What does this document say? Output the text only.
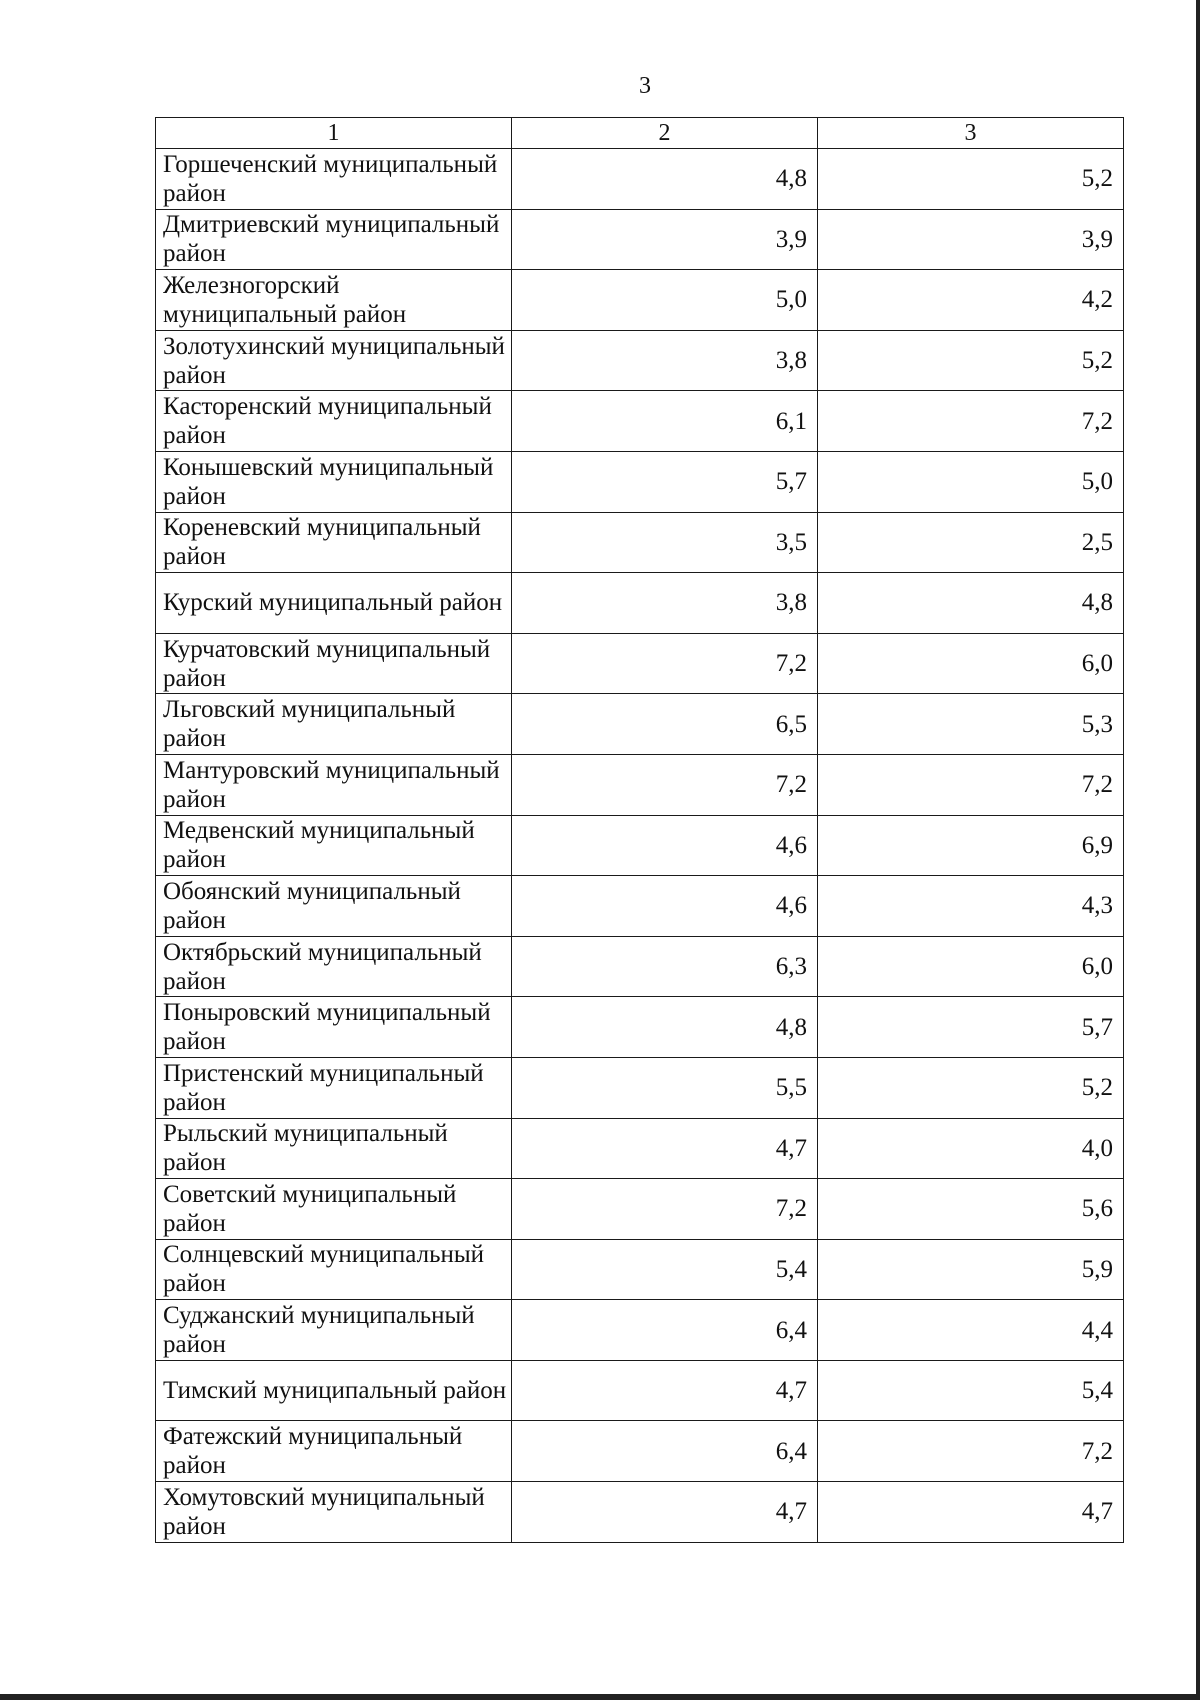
3
1	2	3
Горшеченский муниципальный район	4,8	5,2
Дмитриевский муниципальный район	3,9	3,9
Железногорский муниципальный район	5,0	4,2
Золотухинский муниципальный район	3,8	5,2
Касторенский муниципальный район	6,1	7,2
Конышевский муниципальный район	5,7	5,0
Кореневский муниципальный район	3,5	2,5
Курский муниципальный район	3,8	4,8
Курчатовский муниципальный район	7,2	6,0
Льговский муниципальный район	6,5	5,3
Мантуровский муниципальный район	7,2	7,2
Медвенский муниципальный район	4,6	6,9
Обоянский муниципальный район	4,6	4,3
Октябрьский муниципальный район	6,3	6,0
Поныровский муниципальный район	4,8	5,7
Пристенский муниципальный район	5,5	5,2
Рыльский муниципальный район	4,7	4,0
Советский муниципальный район	7,2	5,6
Солнцевский муниципальный район	5,4	5,9
Суджанский муниципальный район	6,4	4,4
Тимский муниципальный район	4,7	5,4
Фатежский муниципальный район	6,4	7,2
Хомутовский муниципальный район	4,7	4,7
